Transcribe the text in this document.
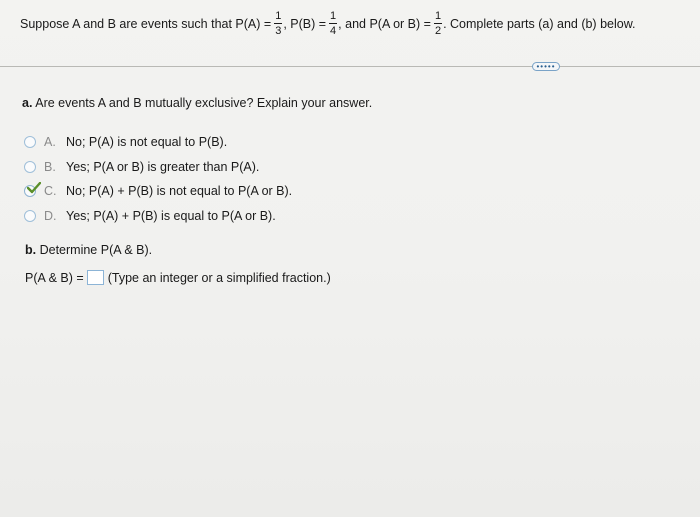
Suppose A and B are events such that $P(A) = \frac{1}{3}$ , $P(B) = \frac{1}{4}$ , and P(A or $B) = \frac{1}{2}$ . Complete parts (a) and (b) below.
•••••
a. Are events A and B mutually exclusive? Explain your answer.
A. No; P(A) is not equal to P(B).
B. Yes; P(A or B) is greater than P(A).
C. No; P(A) + P(B) is not equal to P(A or B).
D. Yes; P(A) + P(B) is equal to P(A or B).
b. Determine P(A & B).
P(A & B) = (Type an integer or a simplified fraction.)
